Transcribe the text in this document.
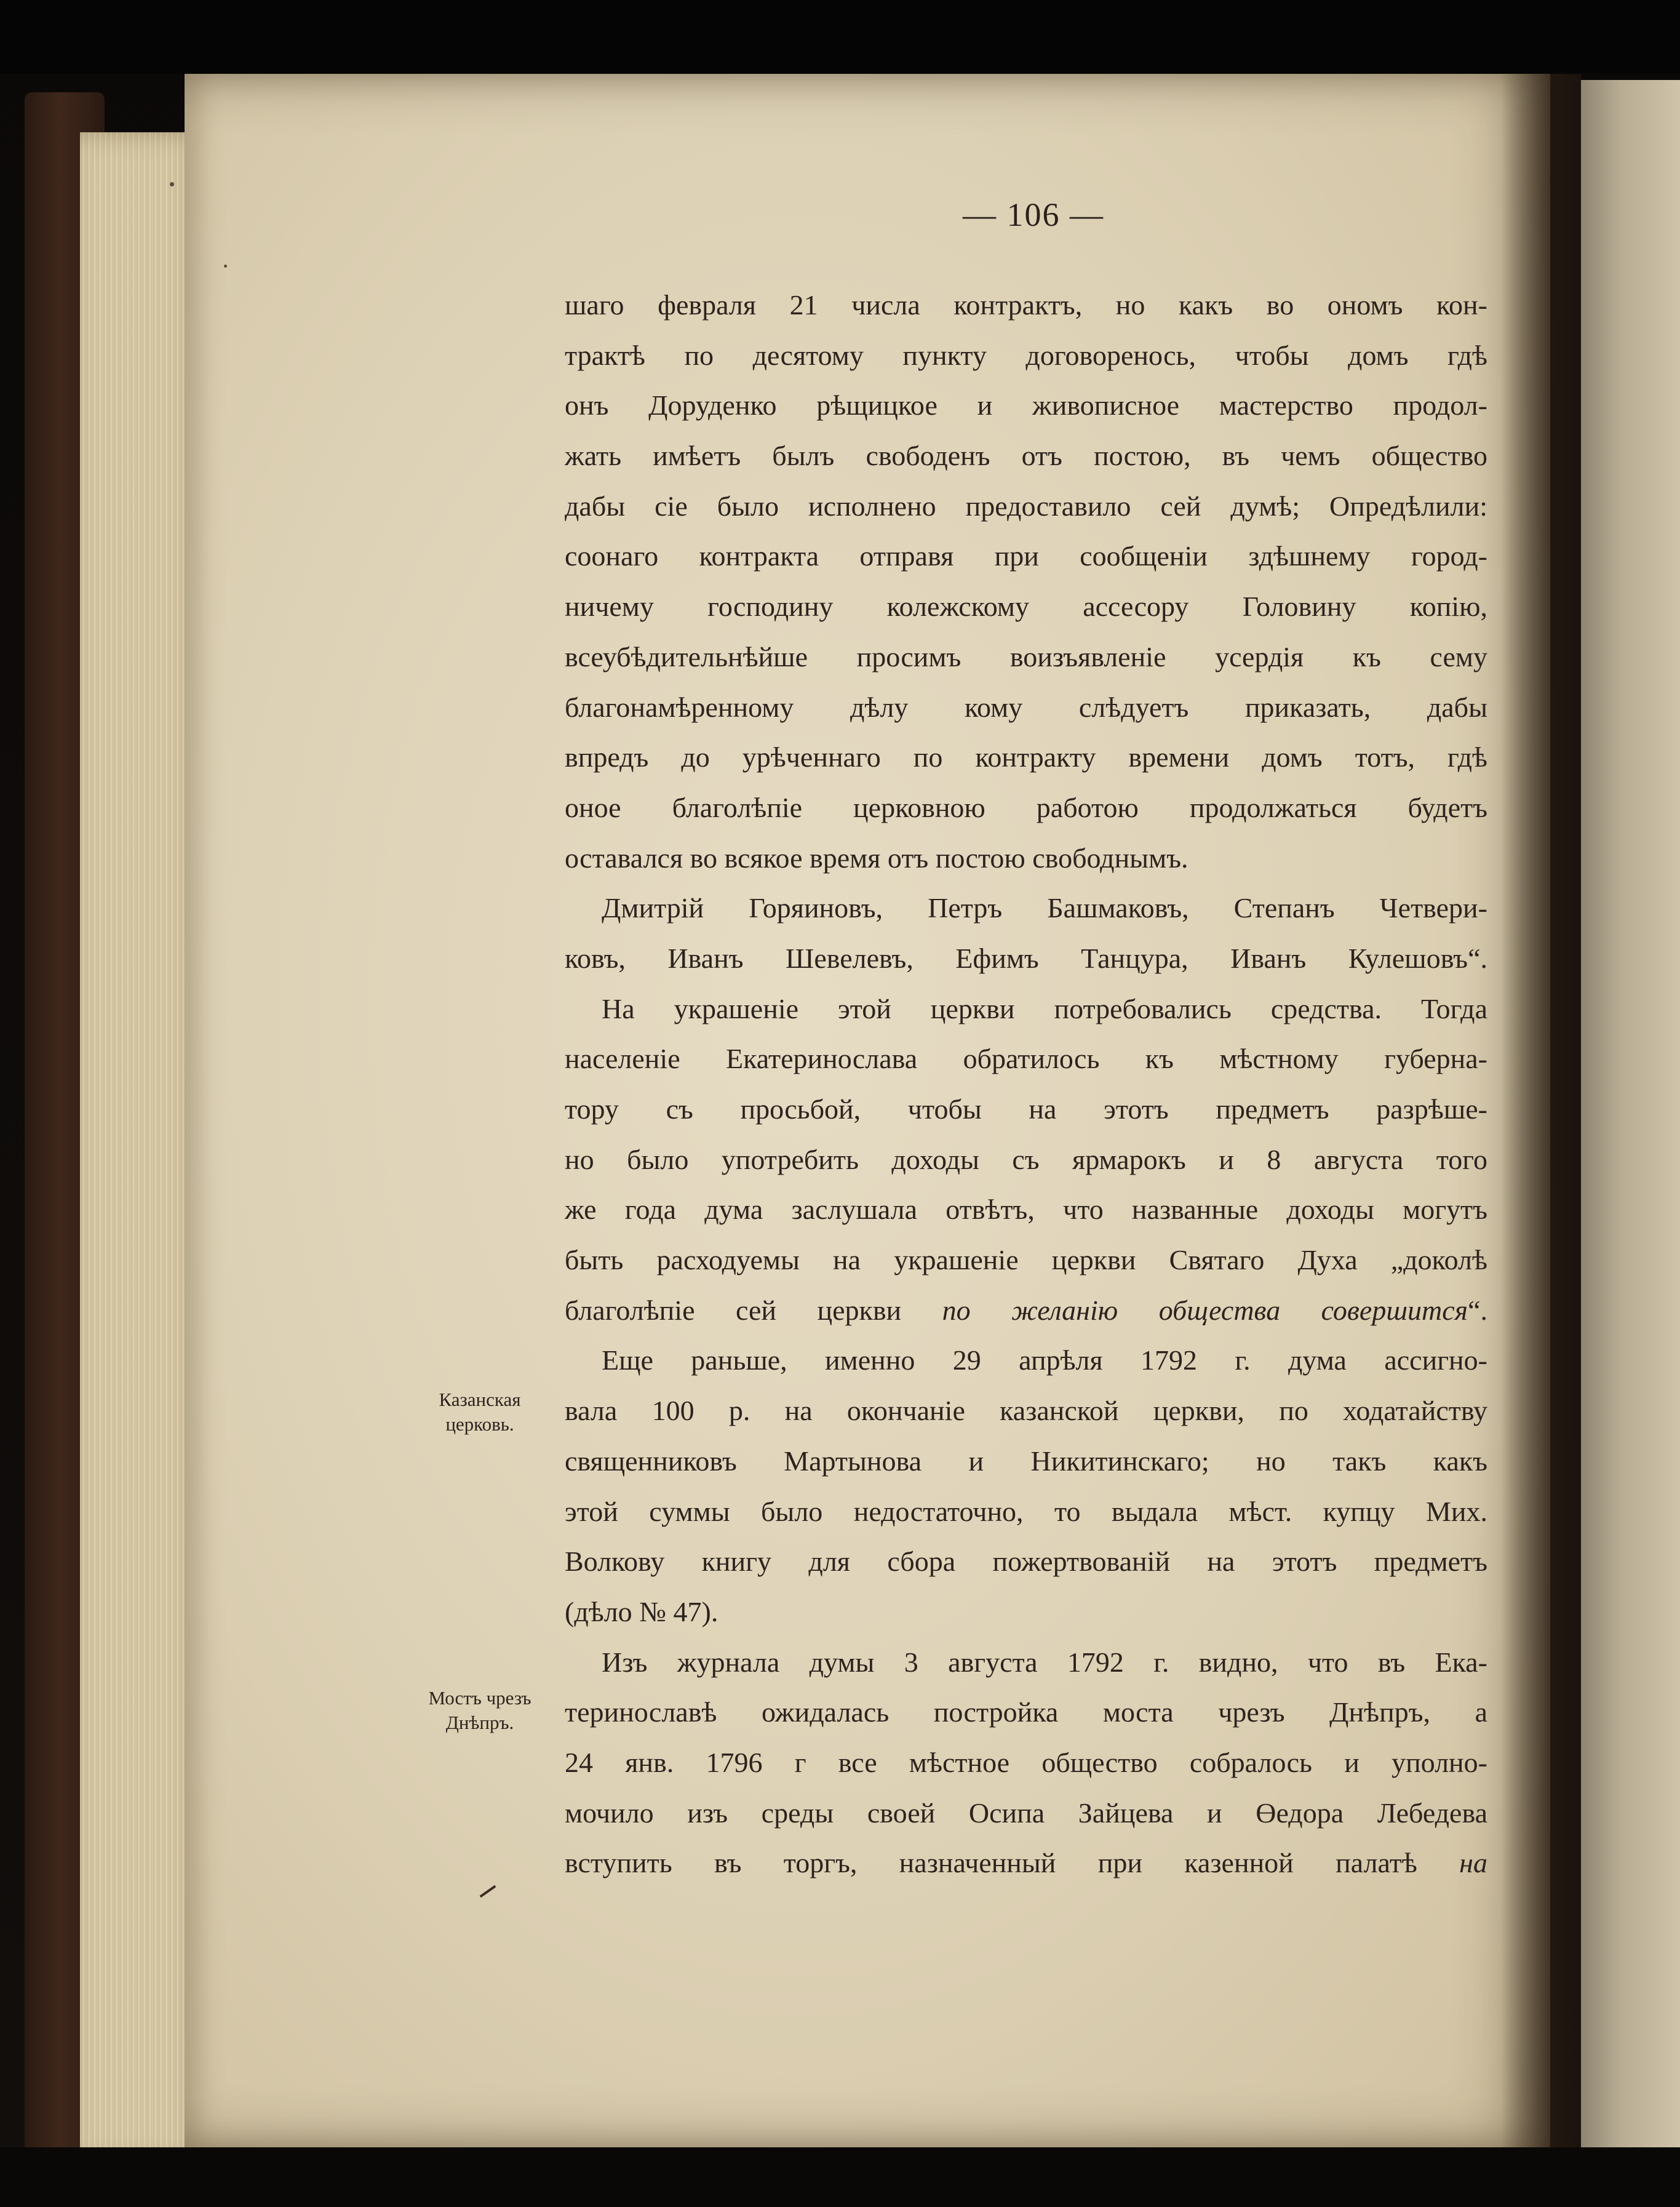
— 106 —
шаго февраля 21 числа контрактъ, но какъ во ономъ кон-
трактѣ по десятому пункту договоренось, чтобы домъ гдѣ
онъ Доруденко рѣщицкое и живописное мастерство продол-
жать имѣетъ былъ свободенъ отъ постою, въ чемъ общество
дабы сіе было исполнено предоставило сей думѣ; Опредѣлили:
соонаго контракта отправя при сообщеніи здѣшнему город-
ничему господину колежскому ассесору Головину копію,
всеубѣдительнѣйше просимъ воизъявленіе усердія къ сему
благонамѣренному дѣлу кому слѣдуетъ приказать, дабы
впредъ до урѣченнаго по контракту времени домъ тотъ, гдѣ
оное благолѣпіе церковною работою продолжаться будетъ
оставался во всякое время отъ постою свободнымъ.
Дмитрій Горяиновъ, Петръ Башмаковъ, Степанъ Четвери-
ковъ, Иванъ Шевелевъ, Ефимъ Танцура, Иванъ Кулешовъ“.
На украшеніе этой церкви потребовались средства. Тогда
населеніе Екатеринослава обратилось къ мѣстному губерна-
тору съ просьбой, чтобы на этотъ предметъ разрѣше-
но было употребить доходы съ ярмарокъ и 8 августа того
же года дума заслушала отвѣтъ, что названные доходы могутъ
быть расходуемы на украшеніе церкви Святаго Духа „доколѣ
благолѣпіе сей церкви по желанію общества совершится“.
Еще раньше, именно 29 апрѣля 1792 г. дума ассигно-
вала 100 р. на окончаніе казанской церкви, по ходатайству
священниковъ Мартынова и Никитинскаго; но такъ какъ
этой суммы было недостаточно, то выдала мѣст. купцу Мих.
Волкову книгу для сбора пожертвованій на этотъ предметъ
(дѣло № 47).
Изъ журнала думы 3 августа 1792 г. видно, что въ Ека-
теринославѣ ожидалась постройка моста чрезъ Днѣпръ, а
24 янв. 1796 г все мѣстное общество собралось и уполно-
мочило изъ среды своей Осипа Зайцева и Өедора Лебедева
вступить въ торгъ, назначенный при казенной палатѣ на
Казанская
церковь.
Мостъ чрезъ
Днѣпръ.
